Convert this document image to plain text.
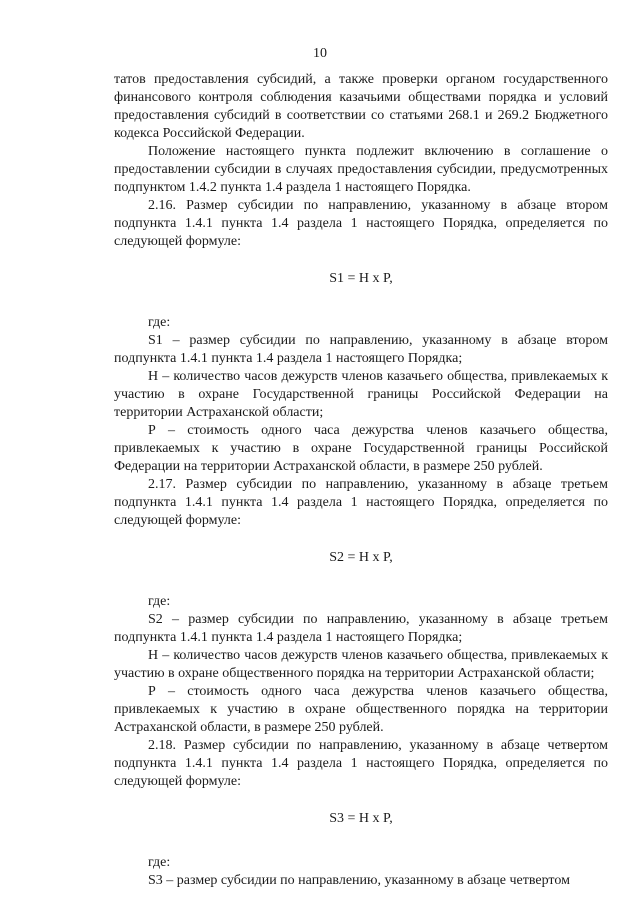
10

татов предоставления субсидий, а также проверки органом государственного финансового контроля соблюдения казачьими обществами порядка и условий предоставления субсидий в соответствии со статьями 268.1 и 269.2 Бюджетного кодекса Российской Федерации.

Положение настоящего пункта подлежит включению в соглашение о предоставлении субсидии в случаях предоставления субсидии, предусмотренных подпунктом 1.4.2 пункта 1.4 раздела 1 настоящего Порядка.

2.16. Размер субсидии по направлению, указанному в абзаце втором подпункта 1.4.1 пункта 1.4 раздела 1 настоящего Порядка, определяется по следующей формуле:

S1 = H x P,

где:

S1 – размер субсидии по направлению, указанному в абзаце втором подпункта 1.4.1 пункта 1.4 раздела 1 настоящего Порядка;

Н – количество часов дежурств членов казачьего общества, привлекаемых к участию в охране Государственной границы Российской Федерации на территории Астраханской области;

Р – стоимость одного часа дежурства членов казачьего общества, привлекаемых к участию в охране Государственной границы Российской Федерации на территории Астраханской области, в размере 250 рублей.

2.17. Размер субсидии по направлению, указанному в абзаце третьем подпункта 1.4.1 пункта 1.4 раздела 1 настоящего Порядка, определяется по следующей формуле:

S2 = H x P,

где:

S2 – размер субсидии по направлению, указанному в абзаце третьем подпункта 1.4.1 пункта 1.4 раздела 1 настоящего Порядка;

Н – количество часов дежурств членов казачьего общества, привлекаемых к участию в охране общественного порядка на территории Астраханской области;

Р – стоимость одного часа дежурства членов казачьего общества, привлекаемых к участию в охране общественного порядка на территории Астраханской области, в размере 250 рублей.

2.18. Размер субсидии по направлению, указанному в абзаце четвертом подпункта 1.4.1 пункта 1.4 раздела 1 настоящего Порядка, определяется по следующей формуле:

S3 = H x P,

где:

S3 – размер субсидии по направлению, указанному в абзаце четвертом
